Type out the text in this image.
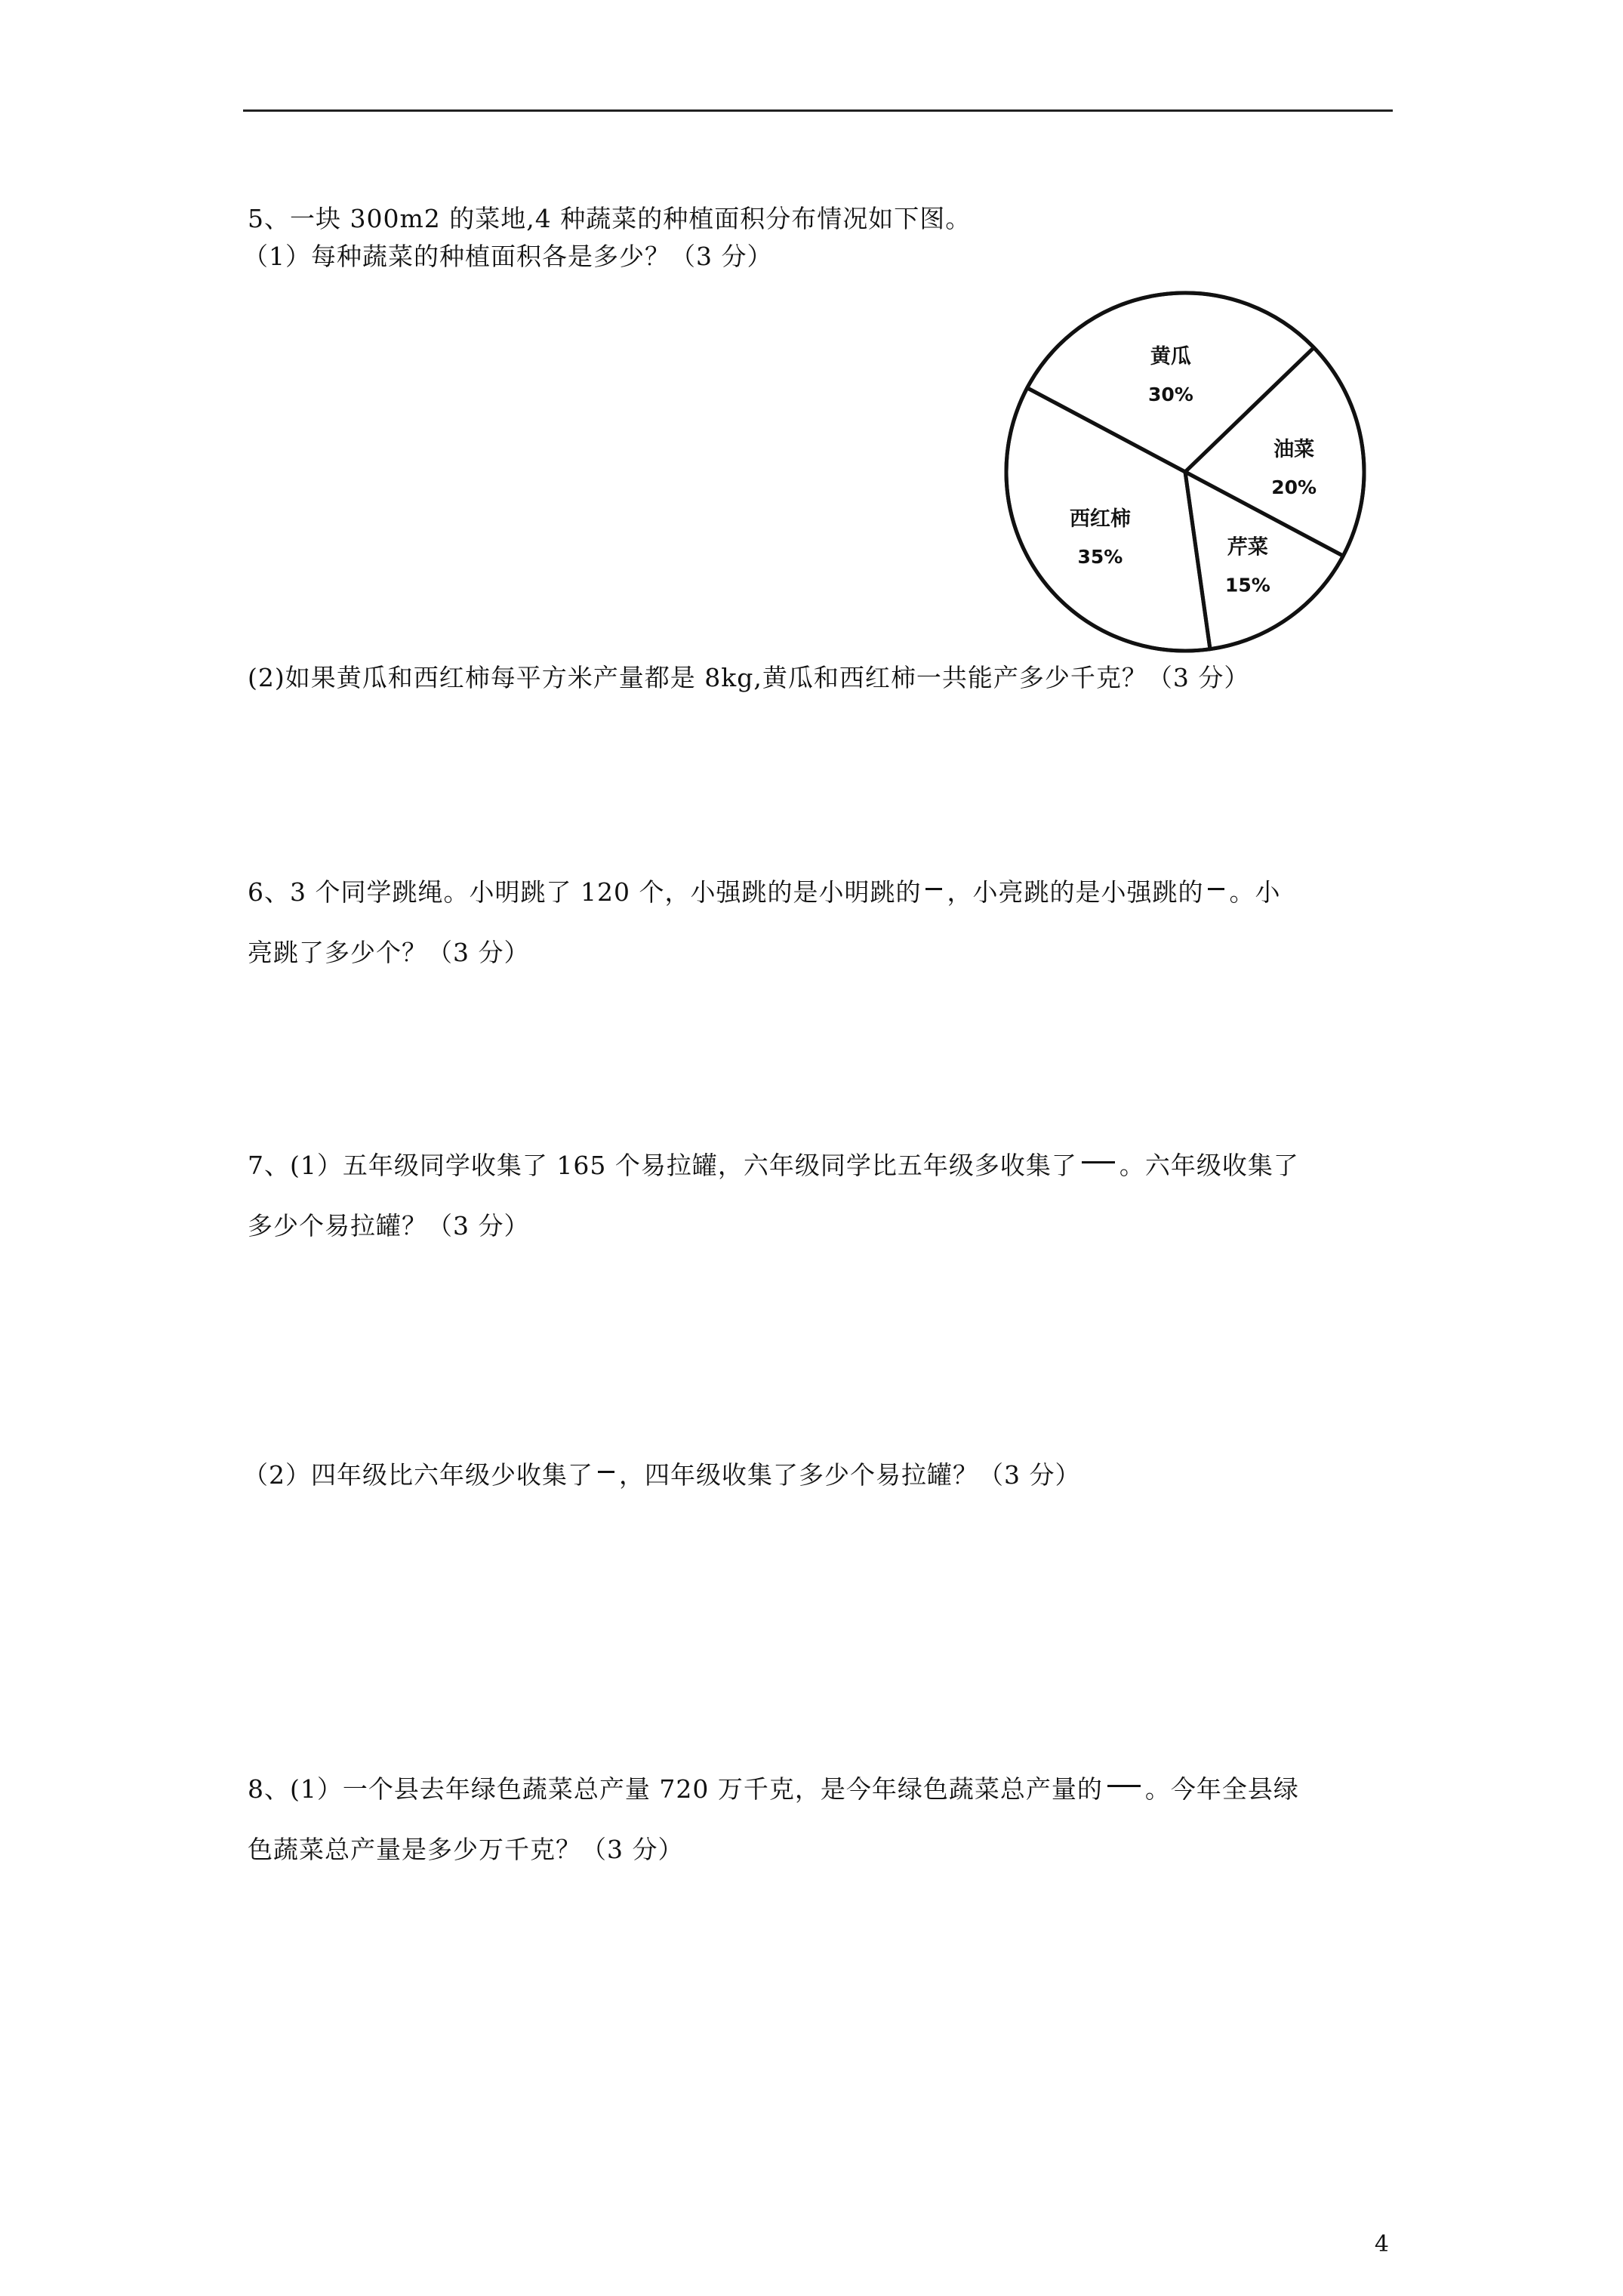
5、一块 300m2 的菜地,4 种蔬菜的种植面积分布情况如下图。
（1）每种蔬菜的种植面积各是多少？（3 分）
黄瓜
30%
油菜
20%
芹菜
15%
西红柿
35%
(2)如果黄瓜和西红柿每平方米产量都是 8kg,黄瓜和西红柿一共能产多少千克？（3 分）
6、3 个同学跳绳。小明跳了 120 个，小强跳的是小明跳的 ，小亮跳的是小强跳的 。小
亮跳了多少个？（3 分）
7、(1）五年级同学收集了 165 个易拉罐，六年级同学比五年级多收集了 。六年级收集了
多少个易拉罐？（3 分）
（2）四年级比六年级少收集了 ，四年级收集了多少个易拉罐？（3 分）
8、(1）一个县去年绿色蔬菜总产量 720 万千克，是今年绿色蔬菜总产量的 。今年全县绿
色蔬菜总产量是多少万千克？（3 分）
4
